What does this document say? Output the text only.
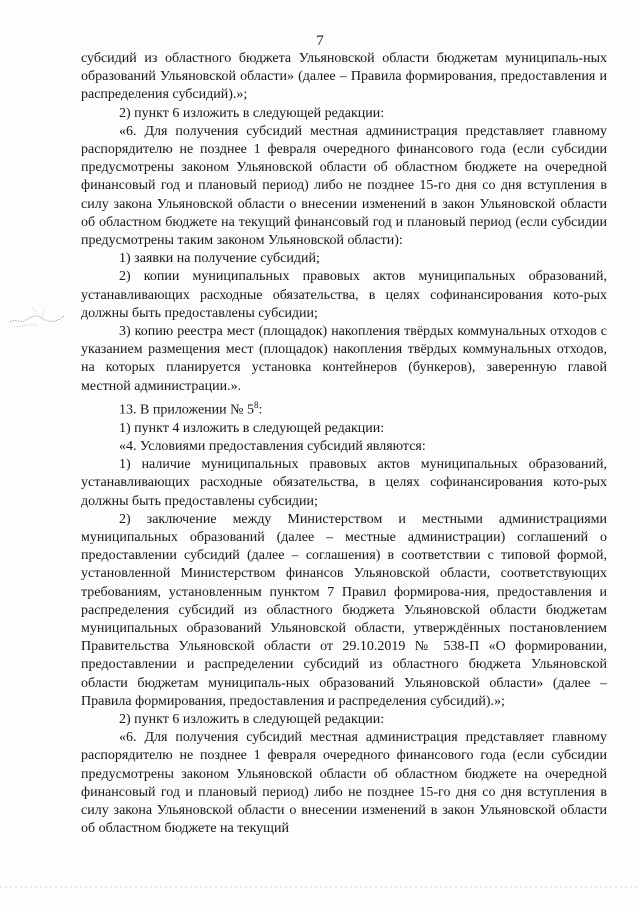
7

субсидий из областного бюджета Ульяновской области бюджетам муниципаль-ных образований Ульяновской области» (далее – Правила формирования, предоставления и распределения субсидий).»;

2) пункт 6 изложить в следующей редакции:

«6. Для получения субсидий местная администрация представляет главному распорядителю не позднее 1 февраля очередного финансового года (если субсидии предусмотрены законом Ульяновской области об областном бюджете на очередной финансовый год и плановый период) либо не позднее 15-го дня со дня вступления в силу закона Ульяновской области о внесении изменений в закон Ульяновской области об областном бюджете на текущий финансовый год и плановый период (если субсидии предусмотрены таким законом Ульяновской области):

1) заявки на получение субсидий;

2) копии муниципальных правовых актов муниципальных образований, устанавливающих расходные обязательства, в целях софинансирования кото-рых должны быть предоставлены субсидии;

3) копию реестра мест (площадок) накопления твёрдых коммунальных отходов с указанием размещения мест (площадок) накопления твёрдых коммунальных отходов, на которых планируется установка контейнеров (бункеров), заверенную главой местной администрации.».

13. В приложении № $5^8$:

1) пункт 4 изложить в следующей редакции:

«4. Условиями предоставления субсидий являются:

1) наличие муниципальных правовых актов муниципальных образований, устанавливающих расходные обязательства, в целях софинансирования кото-рых должны быть предоставлены субсидии;

2) заключение между Министерством и местными администрациями муниципальных образований (далее – местные администрации) соглашений о предоставлении субсидий (далее – соглашения) в соответствии с типовой формой, установленной Министерством финансов Ульяновской области, соответствующих требованиям, установленным пунктом 7 Правил формирова-ния, предоставления и распределения субсидий из областного бюджета Ульяновской области бюджетам муниципальных образований Ульяновской области, утверждённых постановлением Правительства Ульяновской области от 29.10.2019 № 538-П «О формировании, предоставлении и распределении субсидий из областного бюджета Ульяновской области бюджетам муниципаль-ных образований Ульяновской области» (далее – Правила формирования, предоставления и распределения субсидий).»;

2) пункт 6 изложить в следующей редакции:

«6. Для получения субсидий местная администрация представляет главному распорядителю не позднее 1 февраля очередного финансового года (если субсидии предусмотрены законом Ульяновской области об областном бюджете на очередной финансовый год и плановый период) либо не позднее 15-го дня со дня вступления в силу закона Ульяновской области о внесении изменений в закон Ульяновской области об областном бюджете на текущий
